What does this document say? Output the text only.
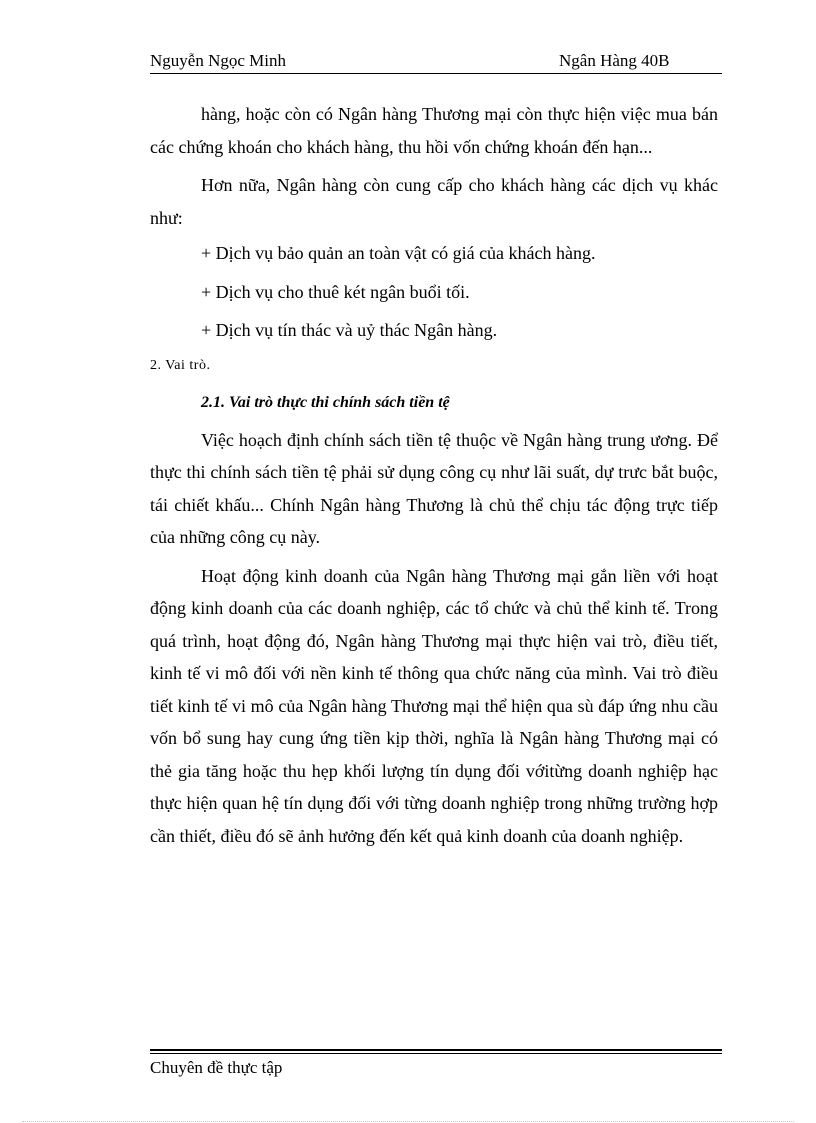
Nguyễn Ngọc Minh	Ngân Hàng 40B

hàng, hoặc còn có Ngân hàng Thương mại còn thực hiện việc mua bán các chứng khoán cho khách hàng, thu hồi vốn chứng khoán đến hạn...

Hơn nữa, Ngân hàng còn cung cấp cho khách hàng các dịch vụ khác như:

+ Dịch vụ bảo quản an toàn vật có giá của khách hàng.

+ Dịch vụ cho thuê két ngân buổi tối.

+ Dịch vụ tín thác và uỷ thác Ngân hàng.

2. Vai trò.

2.1. Vai trò thực thi chính sách tiền tệ

Việc hoạch định chính sách tiền tệ thuộc về Ngân hàng trung ương. Để thực thi chính sách tiền tệ phải sử dụng công cụ như lãi suất, dự trưc bắt buộc, tái chiết khấu... Chính Ngân hàng Thương là chủ thể chịu tác động trực tiếp của những công cụ này.

Hoạt động kinh doanh của Ngân hàng Thương mại gắn liền với hoạt động kinh doanh của các doanh nghiệp, các tổ chức và chủ thể kinh tế. Trong quá trình, hoạt động đó, Ngân hàng Thương mại thực hiện vai trò, điều tiết, kinh tế vi mô đối với nền kinh tế thông qua chức năng của mình. Vai trò điều tiết kinh tế vi mô của Ngân hàng Thương mại thể hiện qua sù đáp ứng nhu cầu vốn bổ sung hay cung ứng tiền kịp thời, nghĩa là Ngân hàng Thương mại có thẻ gia tăng hoặc thu hẹp khối lượng tín dụng đối vớitừng doanh nghiệp hạc thực hiện quan hệ tín dụng đối với từng doanh nghiệp trong những trường hợp cần thiết, điều đó sẽ ảnh hưởng đến kết quả kinh doanh của doanh nghiệp.

Chuyên đề thực tập
